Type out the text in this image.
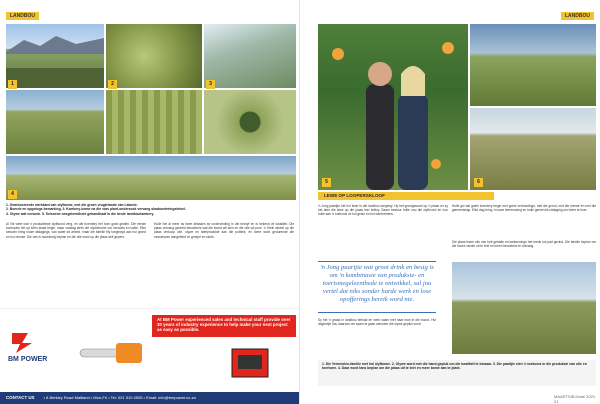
LANDBOU
1	2	3
4
1. Gearbooreerde werkkant van olyfbome, met die groen vrugtelande van Laborie.
2. Boerde en opgetogs bemarking. 3. Kwekery-bome na die vars plant-ondersoek vervang skaduneteringstelsel.
4. Olywe wat versoek. 5. Seisoene oesgeleentheid gehandhaaf in die beste landboukwekery.
Al Vis weet wat 'n produktiewe olyfboord verg, en die boerdery het hom goed gedien. Die eerste boompies het op klein skaal begin, maar vandag strek die olywebome oor heuwels en vallei. Elke seisoen bring nuwe uitdagings, van water tot arbeid, maar die familie bly toegewyd aan hul grond en hul mense. Die oes is noukeurig beplan en die olie word op die plaas self gepers.
Hulle het al meer as twee dekades se ondervinding in die bedryf en is bekend vir kwaliteit. Die plaas ontvang gereeld besoekers wat die boord wil sien en die olie wil proe. 'n Klein winkel op die plaas verkoop olie, olywe en tafelprodukte aan die publiek, en toere word gedurende die oesseisoen aangebied vir groepe en skole.
BM POWER
At BM Power experienced sales and technical staff provide over 30 years of industry experience to help make your next project as easy as possible.
CONTACT US • 8 Berkley Road Maitland • Mon-Fri • Tel: 021 510 4505 • Email: info@bmpower.co.za
LANDBOU
5	6
LEWE OP LOOPERSKLOOF
'n Jong paartjie het hul lewe in die landbou toegewy. Hy het grootgeword op 'n plaas en sy het later die lewe op die plaas leer liefkry. Saam bestuur hulle nou die olyfboord en bou hulle aan 'n toekoms vir hul gesin en hul werknemers.
Hulle glo dat goeie boerdery begin met goeie verhoudings, met die grond, met die mense en met die gemeenskap. Elke dag bring 'n nuwe leerervaring en hulle geniet die uitdaging om beter te boer.
'n Jong paartjie wat groot drink en besig is om 'n kombinasie van produksie- en toerismegeleenthede te ontwikkel, sal jou vertel dat niks sonder harde werk en lose opofferings bereik word nie.
Sy het 'n graad in landbou behaal en werk saam met haar man in die boord. Hul dogtertjie hou daarvan om saam te gaan wanneer die olywe gepluk word.
Die plaas lewer olie van hoë gehalte en toekennings het reeds hul pad gevind. Die familie beplan om die boord verder uit te brei en meer besoekers te ontvang.
1. Die Vermeulen-familie met hul olyfbome. 2. Olywe word met die hand gepluk om die kwaliteit te bewaar. 3. Die paartjie sien 'n toekoms in die produksie van olie en toerisme. 4. Daar word tans beplan om die plaas uit te brei en meer bome aan te plant.
MAARTSIE/Junie 2021 21
